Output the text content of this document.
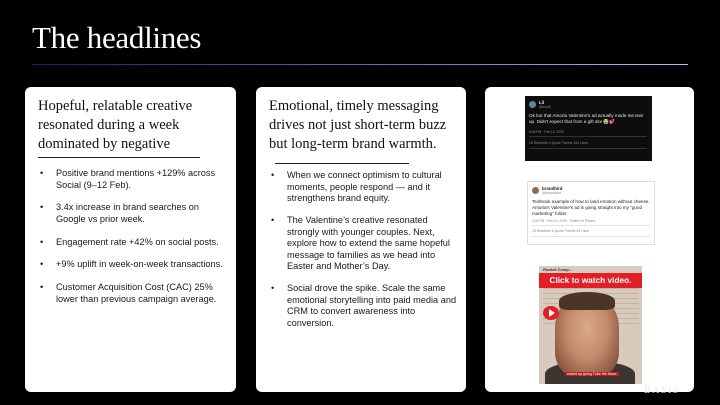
The headlines
Hopeful, relatable creative resonated during a week dominated by negative
• Positive brand mentions +129% across Social (9–12 Feb).
• 3.4x increase in brand searches on Google vs prior week.
• Engagement rate +42% on social posts.
• +9% uplift in week-on-week transactions.
• Customer Acquisition Cost (CAC) 25% lower than previous campaign average.
Emotional, timely messaging drives not just short-term buzz but long-term brand warmth.
• When we connect optimism to cultural moments, people respond — and it strengthens brand equity.
• The Valentine’s creative resonated strongly with younger couples. Next, explore how to extend the same hopeful message to families as we head into Easter and Mother’s Day.
• Social drove the spike. Scale the same emotional storytelling into paid media and CRM to convert awareness into conversion.
Lil
@xxxlil
Ok but that Amoria Valentine's ad actually made me tear up. Didn't expect that from a gift site 😭💕
6:08 PM · Feb 12, 2025
18 Retweets 4 Quote Tweets 184 Likes
brandbird
@brandbird
Textbook example of how to land emotion without cheese. Amoria's Valentine's ad is going straight into my "good marketing" folder.
3:28 PM · Feb 10, 2025 · Twitter for iPhone
18 Retweets 6 Quote Tweets 63 Likes
Rocket Comp...
Click to watch video.
ended up going Tube the these
BASIS
